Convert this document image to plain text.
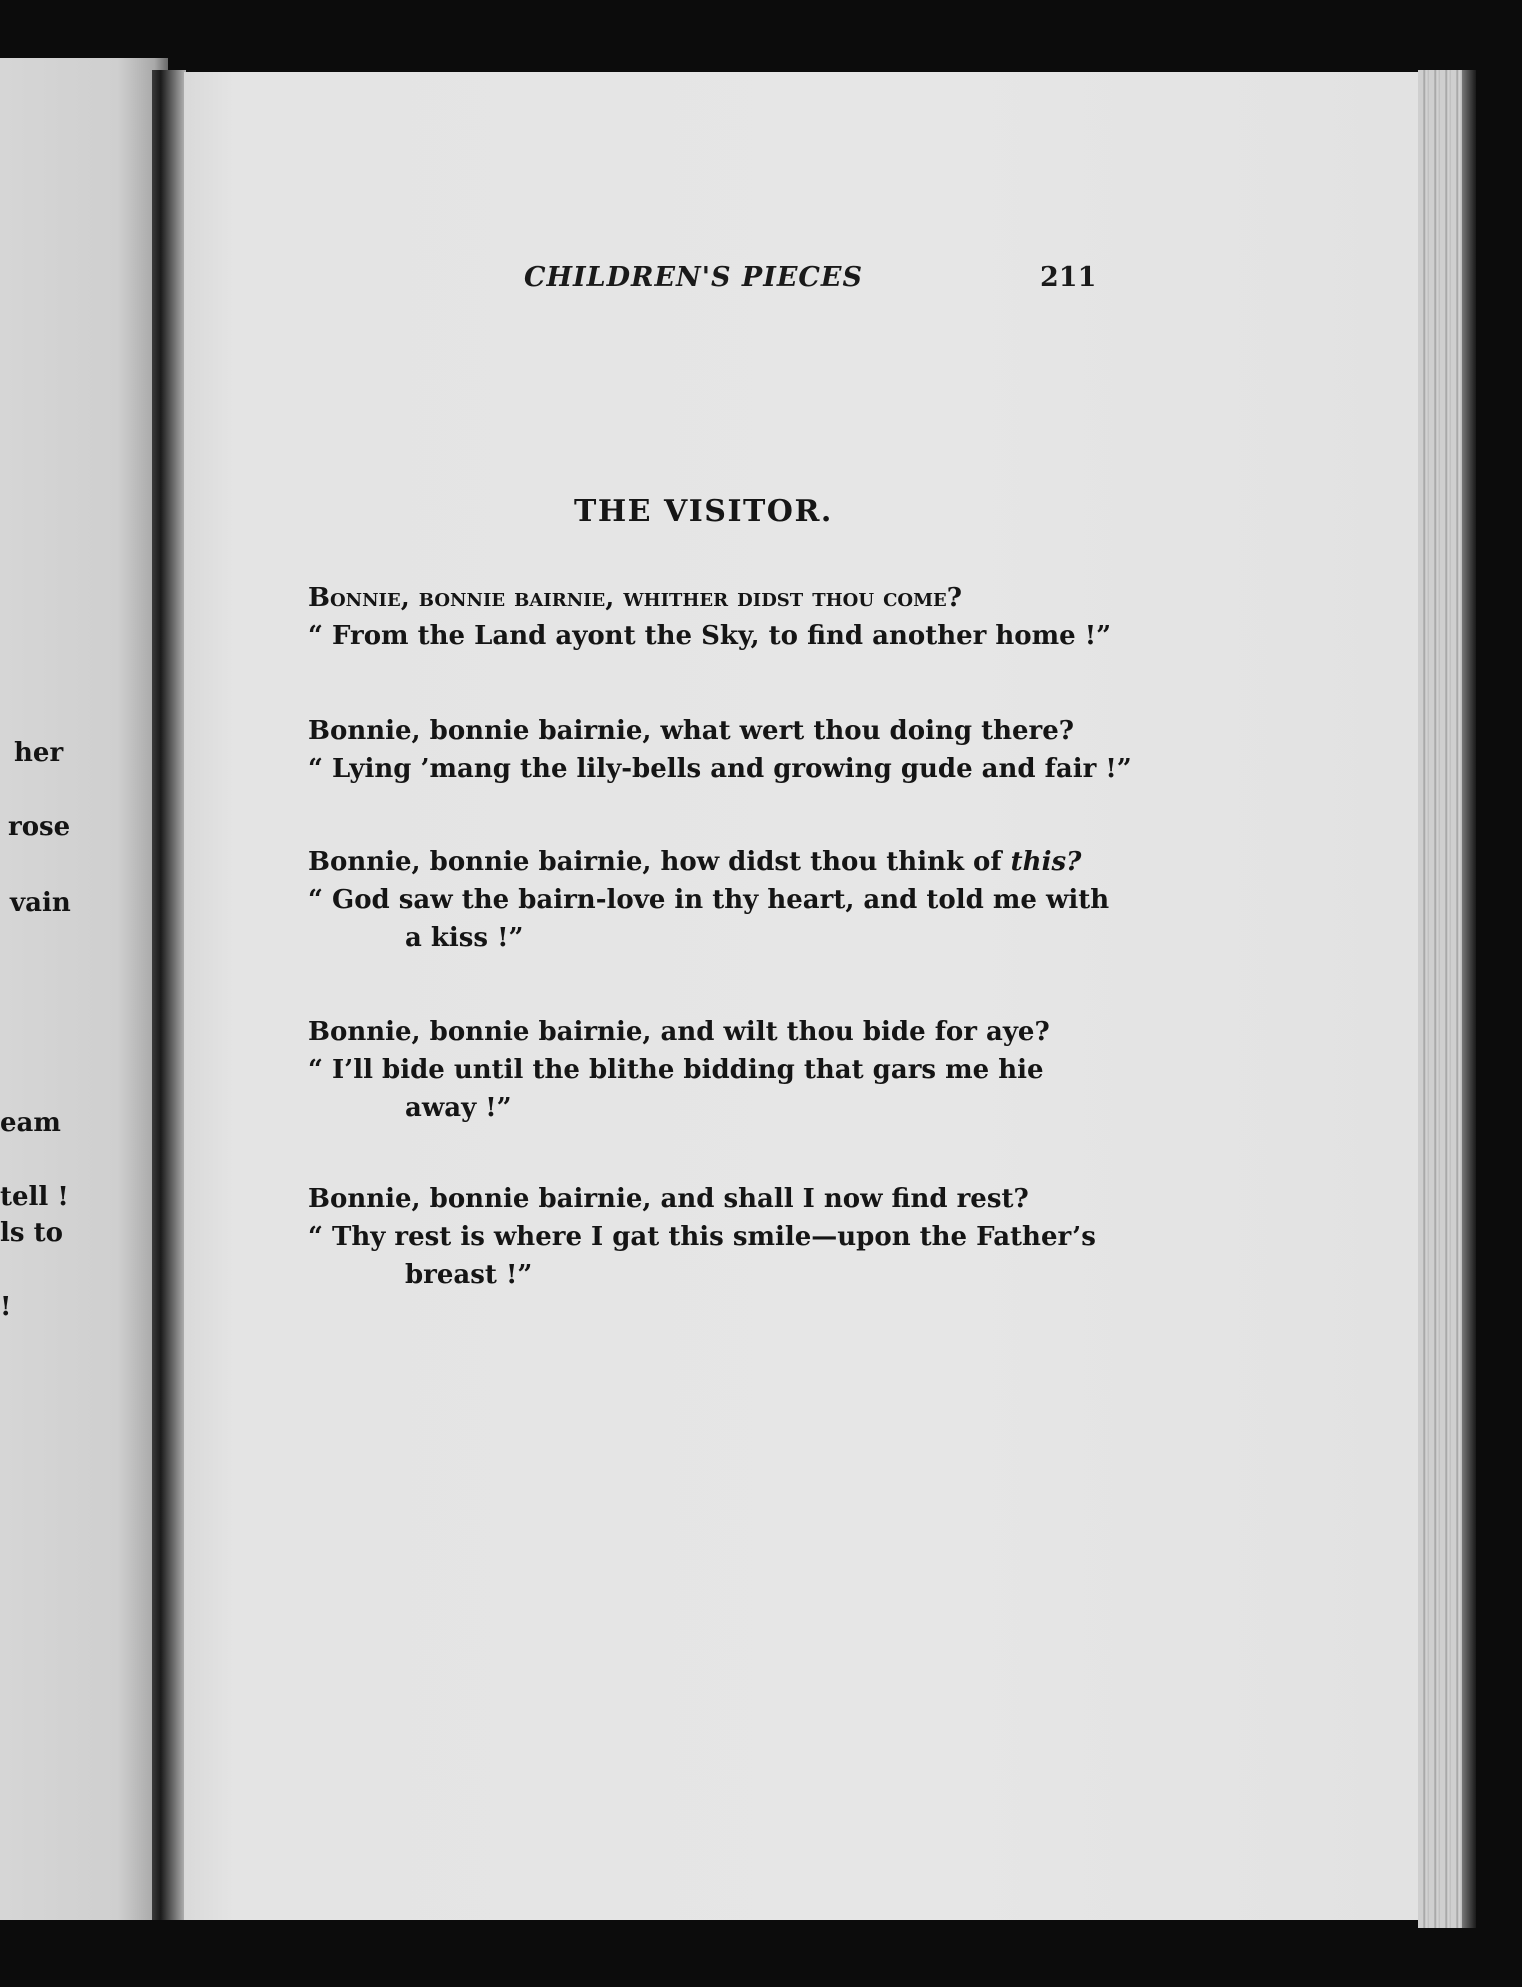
her
rose
vain
eam
tell !
ls to
!
CHILDREN'S PIECES	211
THE VISITOR.
Bonnie, bonnie bairnie, whither didst thou come?
“ From the Land ayont the Sky, to find another home !”
Bonnie, bonnie bairnie, what wert thou doing there?
“ Lying ’mang the lily-bells and growing gude and fair !”
Bonnie, bonnie bairnie, how didst thou think of this?
“ God saw the bairn-love in thy heart, and told me with
a kiss !”
Bonnie, bonnie bairnie, and wilt thou bide for aye?
“ I’ll bide until the blithe bidding that gars me hie
away !”
Bonnie, bonnie bairnie, and shall I now find rest?
“ Thy rest is where I gat this smile—upon the Father’s
breast !”
